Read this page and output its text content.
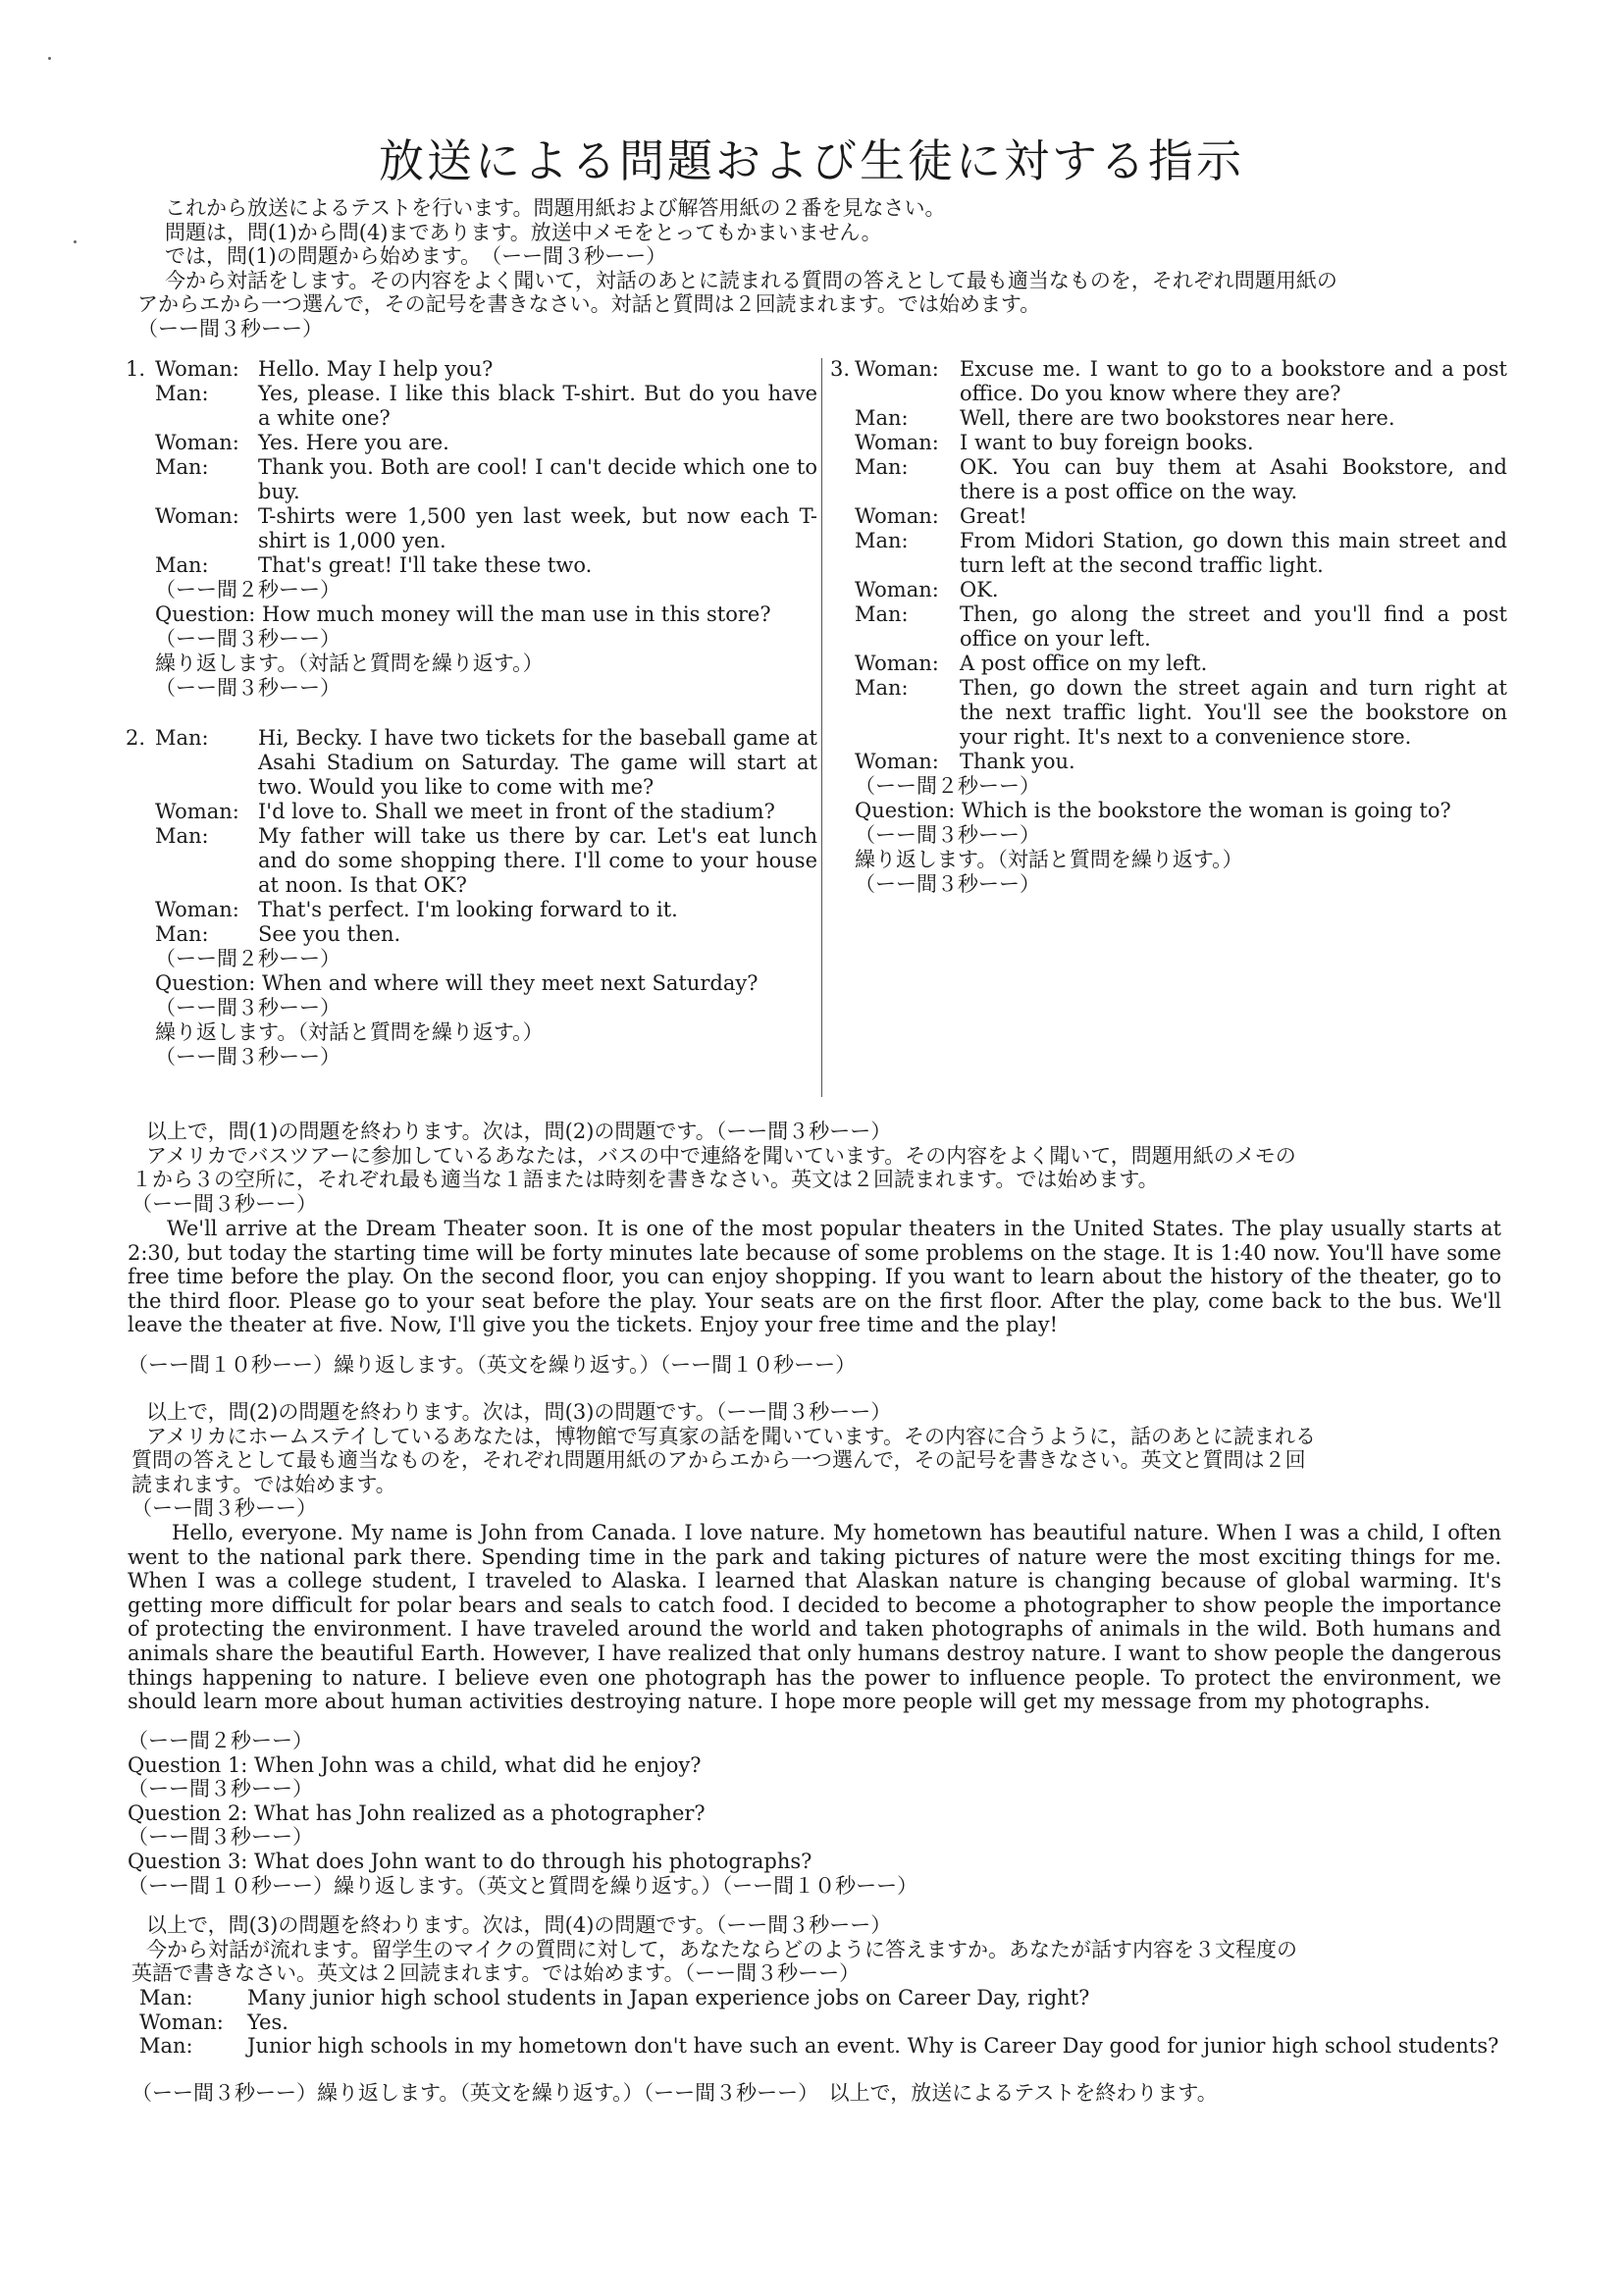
放送による問題および生徒に対する指示
これから放送によるテストを行います。問題用紙および解答用紙の２番を見なさい。
問題は，問(1)から問(4)まであります。放送中メモをとってもかまいません。
では，問(1)の問題から始めます。　（ーー間３秒ーー）
今から対話をします。その内容をよく聞いて，対話のあとに読まれる質問の答えとして最も適当なものを，それぞれ問題用紙の
アからエから一つ選んで，その記号を書きなさい。対話と質問は２回読まれます。では始めます。
（ーー間３秒ーー）
1. Woman: Hello. May I help you?
Man: Yes, please. I like this black T-shirt. But do you have a white one?
Woman: Yes. Here you are.
Man: Thank you. Both are cool! I can't decide which one to buy.
Woman: T-shirts were 1,500 yen last week, but now each T-shirt is 1,000 yen.
Man: That's great! I'll take these two.
（ーー間２秒ーー）
Question: How much money will the man use in this store?
（ーー間３秒ーー）
繰り返します。（対話と質問を繰り返す。）
（ーー間３秒ーー）
2. Man: Hi, Becky. I have two tickets for the baseball game at Asahi Stadium on Saturday. The game will start at two. Would you like to come with me?
Woman: I'd love to. Shall we meet in front of the stadium?
Man: My father will take us there by car. Let's eat lunch and do some shopping there. I'll come to your house at noon. Is that OK?
Woman: That's perfect. I'm looking forward to it.
Man: See you then.
（ーー間２秒ーー）
Question: When and where will they meet next Saturday?
（ーー間３秒ーー）
繰り返します。（対話と質問を繰り返す。）
（ーー間３秒ーー）
3. Woman: Excuse me. I want to go to a bookstore and a post office. Do you know where they are?
Man: Well, there are two bookstores near here.
Woman: I want to buy foreign books.
Man: OK. You can buy them at Asahi Bookstore, and there is a post office on the way.
Woman: Great!
Man: From Midori Station, go down this main street and turn left at the second traffic light.
Woman: OK.
Man: Then, go along the street and you'll find a post office on your left.
Woman: A post office on my left.
Man: Then, go down the street again and turn right at the next traffic light. You'll see the bookstore on your right. It's next to a convenience store.
Woman: Thank you.
（ーー間２秒ーー）
Question: Which is the bookstore the woman is going to?
（ーー間３秒ーー）
繰り返します。（対話と質問を繰り返す。）
（ーー間３秒ーー）
以上で，問(1)の問題を終わります。次は，問(2)の問題です。（ーー間３秒ーー）
アメリカでバスツアーに参加しているあなたは，バスの中で連絡を聞いています。その内容をよく聞いて，問題用紙のメモの
１から３の空所に，それぞれ最も適当な１語または時刻を書きなさい。英文は２回読まれます。では始めます。
（ーー間３秒ーー）
We'll arrive at the Dream Theater soon. It is one of the most popular theaters in the United States. The play usually starts at 2:30, but today the starting time will be forty minutes late because of some problems on the stage. It is 1:40 now. You'll have some free time before the play. On the second floor, you can enjoy shopping. If you want to learn about the history of the theater, go to the third floor. Please go to your seat before the play. Your seats are on the first floor. After the play, come back to the bus. We'll leave the theater at five. Now, I'll give you the tickets. Enjoy your free time and the play!
（ーー間１０秒ーー）繰り返します。（英文を繰り返す。）（ーー間１０秒ーー）
以上で，問(2)の問題を終わります。次は，問(3)の問題です。（ーー間３秒ーー）
アメリカにホームステイしているあなたは，博物館で写真家の話を聞いています。その内容に合うように，話のあとに読まれる
質問の答えとして最も適当なものを，それぞれ問題用紙のアからエから一つ選んで，その記号を書きなさい。英文と質問は２回
読まれます。では始めます。
（ーー間３秒ーー）
Hello, everyone. My name is John from Canada. I love nature. My hometown has beautiful nature. When I was a child, I often went to the national park there. Spending time in the park and taking pictures of nature were the most exciting things for me. When I was a college student, I traveled to Alaska. I learned that Alaskan nature is changing because of global warming. It's getting more difficult for polar bears and seals to catch food. I decided to become a photographer to show people the importance of protecting the environment. I have traveled around the world and taken photographs of animals in the wild. Both humans and animals share the beautiful Earth. However, I have realized that only humans destroy nature. I want to show people the dangerous things happening to nature. I believe even one photograph has the power to influence people. To protect the environment, we should learn more about human activities destroying nature. I hope more people will get my message from my photographs.
（ーー間２秒ーー）
Question 1: When John was a child, what did he enjoy?
（ーー間３秒ーー）
Question 2: What has John realized as a photographer?
（ーー間３秒ーー）
Question 3: What does John want to do through his photographs?
（ーー間１０秒ーー）繰り返します。（英文と質問を繰り返す。）（ーー間１０秒ーー）
以上で，問(3)の問題を終わります。次は，問(4)の問題です。（ーー間３秒ーー）
今から対話が流れます。留学生のマイクの質問に対して，あなたならどのように答えますか。あなたが話す内容を３文程度の
英語で書きなさい。英文は２回読まれます。では始めます。（ーー間３秒ーー）
Man:	Many junior high school students in Japan experience jobs on Career Day, right?
Woman: Yes.
Man:	Junior high schools in my hometown don't have such an event. Why is Career Day good for junior high school students?
（ーー間３秒ーー）繰り返します。（英文を繰り返す。）（ーー間３秒ーー）　以上で，放送によるテストを終わります。
